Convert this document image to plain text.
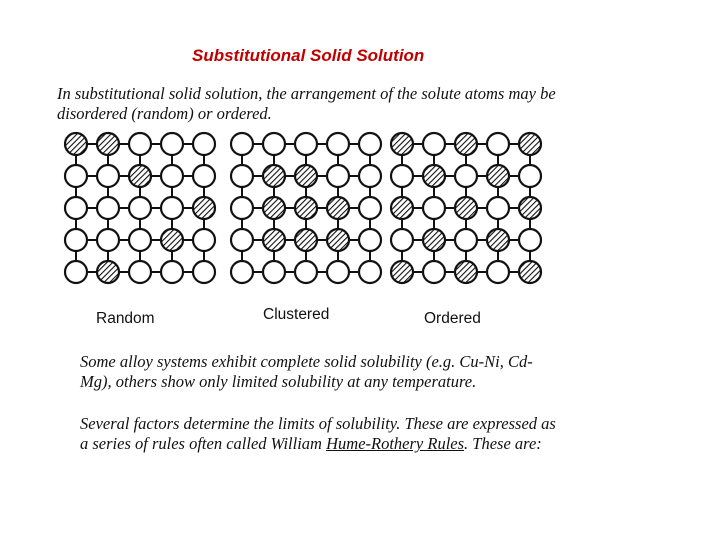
Substitutional Solid Solution
In substitutional solid solution, the arrangement of the solute atoms may be disordered (random) or ordered.
Random	Clustered	Ordered
Some alloy systems exhibit complete solid solubility (e.g. Cu-Ni, Cd-Mg), others show only limited solubility at any temperature.
Several factors determine the limits of solubility. These are expressed as a series of rules often called William Hume-Rothery Rules. These are:
